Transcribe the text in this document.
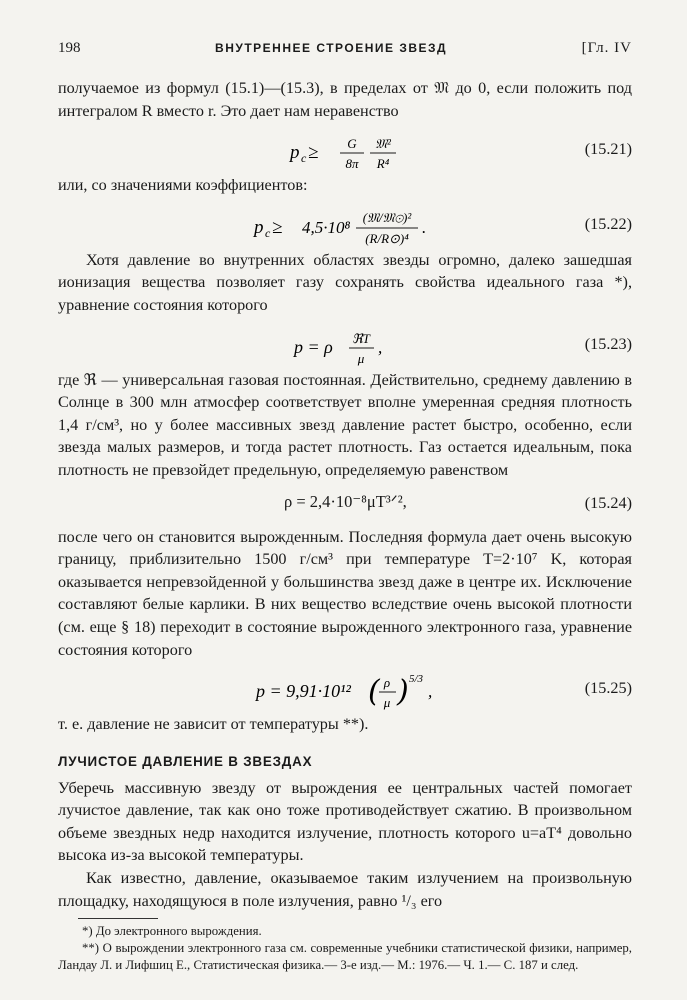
198	ВНУТРЕННЕЕ СТРОЕНИЕ ЗВЕЗД	[Гл. IV

получаемое из формул (15.1)—(15.3), в пределах от 𝔐 до 0, если положить под интегралом R вместо r. Это дает нам неравенство

p c ≥ G
8π
𝔐²
R⁴
(15.21)

или, со значениями коэффициентов:

p c ≥ 4,5·10⁸
(𝔐/𝔐⊙)²
(R/R⊙)⁴
.	(15.22)

Хотя давление во внутренних областях звезды огромно, далеко зашедшая ионизация вещества позволяет газу сохранять свойства идеального газа *), уравнение состояния которого

p = ρ ℜT
μ
,	(15.23)

где ℜ — универсальная газовая постоянная. Действительно, среднему давлению в Солнце в 300 млн атмосфер соответствует вполне умеренная средняя плотность 1,4 г/см³, но у более массивных звезд давление растет быстро, особенно, если звезда малых размеров, и тогда растет плотность. Газ остается идеальным, пока плотность не превзойдет предельную, определяемую равенством

ρ = 2,4·10⁻⁸μT³ᐟ²,	(15.24)

после чего он становится вырожденным. Последняя формула дает очень высокую границу, приблизительно 1500 г/см³ при температуре T=2·10⁷ K, которая оказывается непревзойденной у большинства звезд даже в центре их. Исключение составляют белые карлики. В них вещество вследствие очень высокой плотности (см. еще § 18) переходит в состояние вырожденного электронного газа, уравнение состояния которого

p = 9,91·10¹² ( ρ
μ ) 5/3
,	(15.25)

т. е. давление не зависит от температуры **).

ЛУЧИСТОЕ ДАВЛЕНИЕ В ЗВЕЗДАХ

Уберечь массивную звезду от вырождения ее центральных частей помогает лучистое давление, так как оно тоже противодействует сжатию. В произвольном объеме звездных недр находится излучение, плотность которого u=aT⁴ довольно высока из-за высокой температуры.

Как известно, давление, оказываемое таким излучением на произвольную площадку, находящуюся в поле излучения, равно ¹/₃ его

*) До электронного вырождения.

**) О вырождении электронного газа см. современные учебники статистической физики, например, Ландау Л. и Лифшиц Е., Статистическая физика.— 3-е изд.— М.: 1976.— Ч. 1.— С. 187 и след.
